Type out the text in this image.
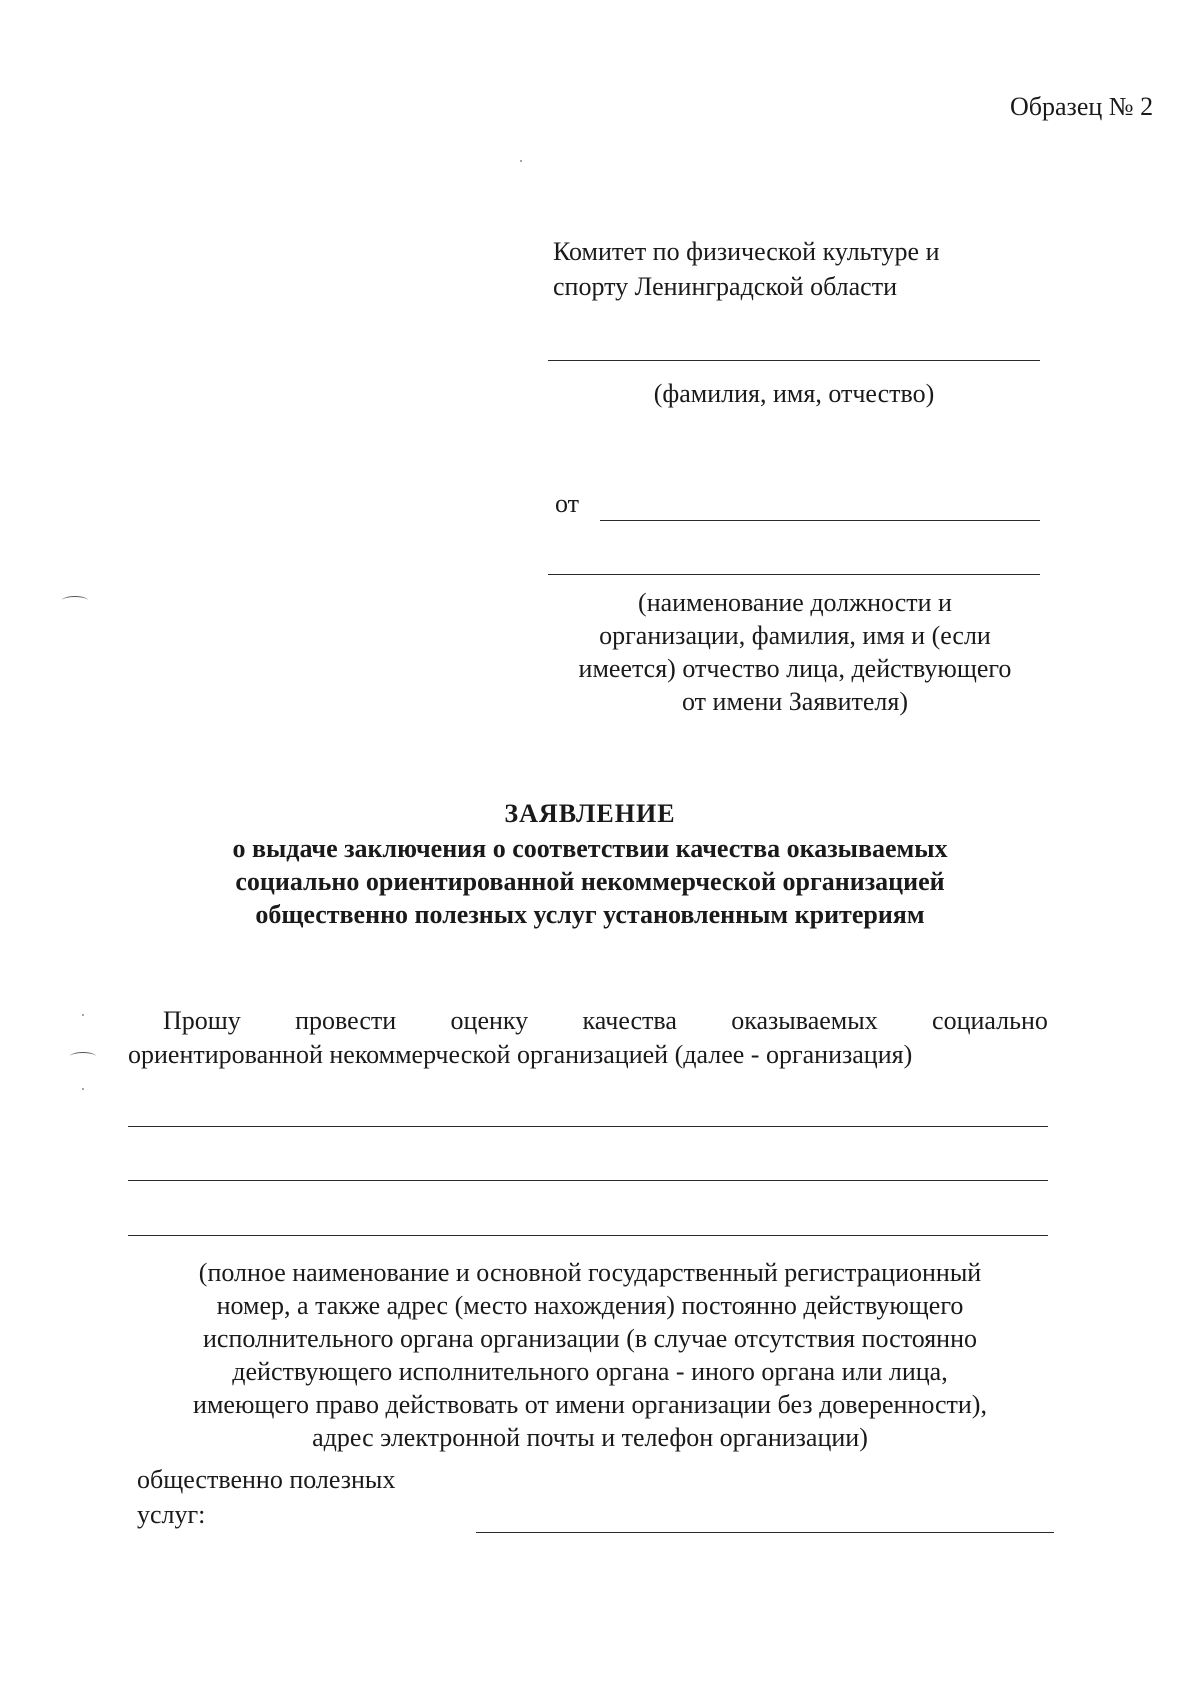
Образец № 2
Комитет по физической культуре и
спорту Ленинградской области
(фамилия, имя, отчество)
от
(наименование должности и
организации, фамилия, имя и (если
имеется) отчество лица, действующего
от имени Заявителя)
ЗАЯВЛЕНИЕ
о выдаче заключения о соответствии качества оказываемых
социально ориентированной некоммерческой организацией
общественно полезных услуг установленным критериям
Прошу провести оценку качества оказываемых социально
ориентированной некоммерческой организацией (далее - организация)
(полное наименование и основной государственный регистрационный
номер, а также адрес (место нахождения) постоянно действующего
исполнительного органа организации (в случае отсутствия постоянно
действующего исполнительного органа - иного органа или лица,
имеющего право действовать от имени организации без доверенности),
адрес электронной почты и телефон организации)
общественно полезных
услуг:
